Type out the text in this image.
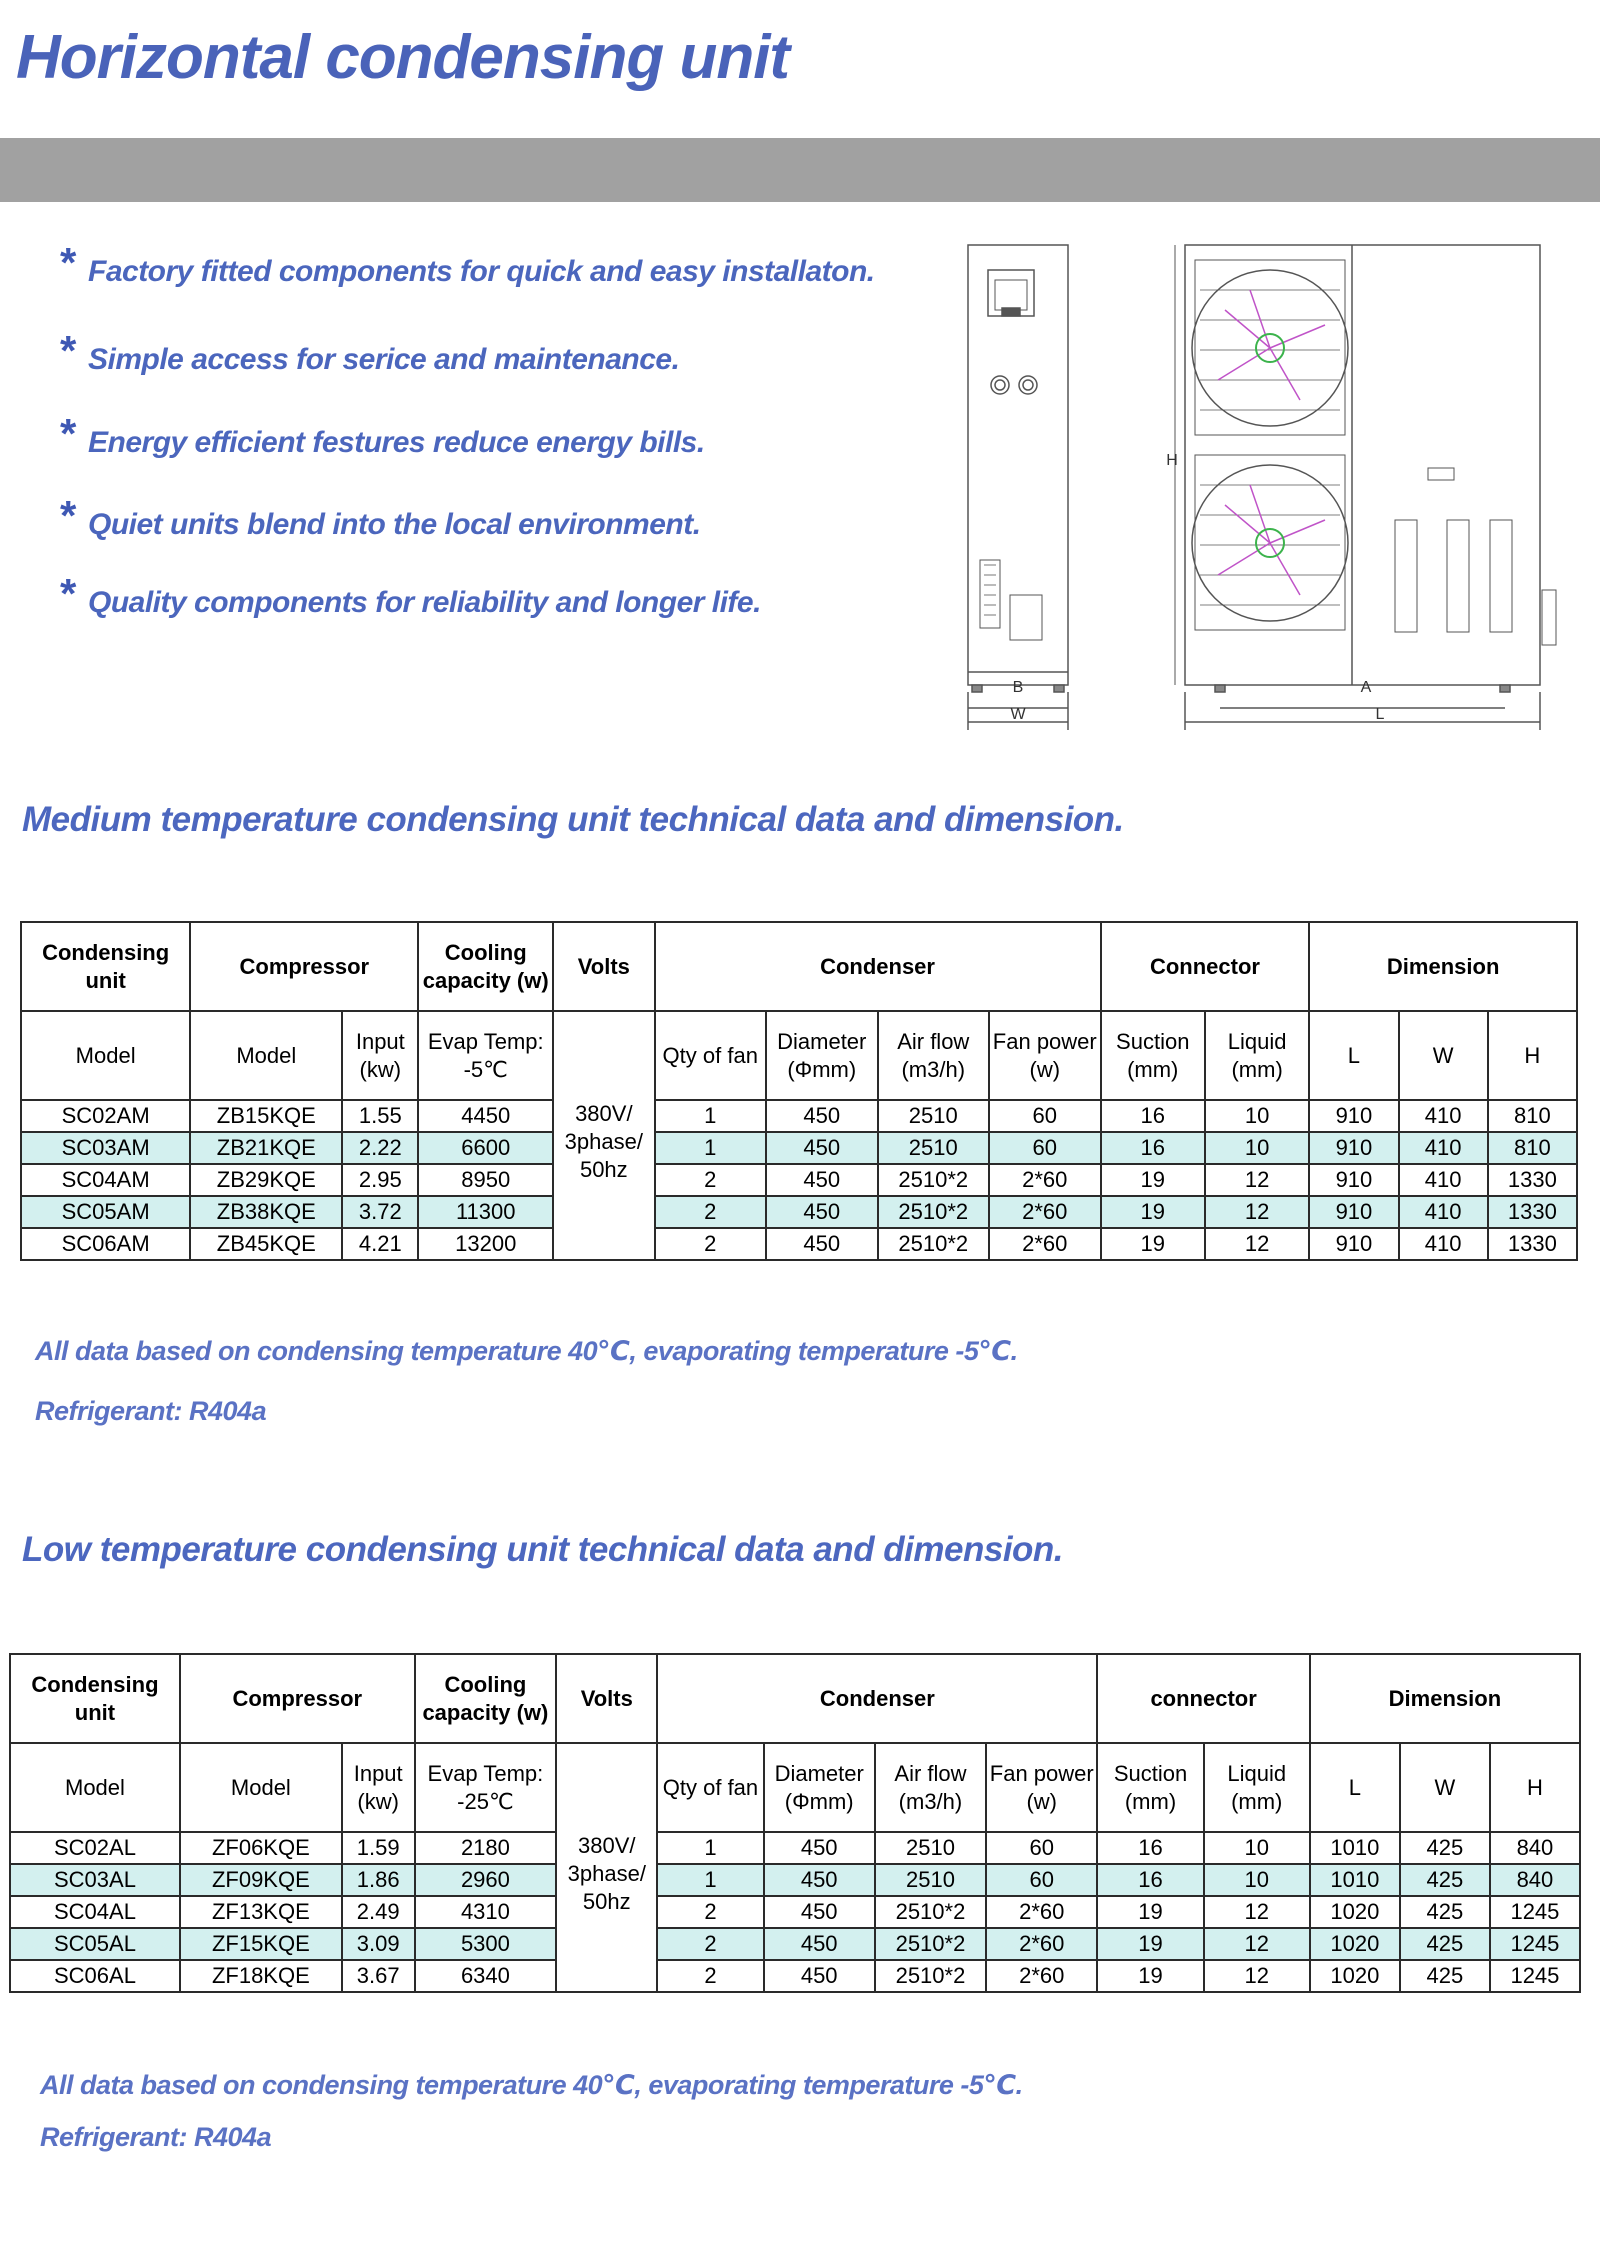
Horizontal condensing unit
* Factory fitted components for quick and easy installaton.
* Simple access for serice and maintenance.
* Energy efficient festures reduce energy bills.
* Quiet units blend into the local environment.
* Quality components for reliability and longer life.
B
W
A
L
H
Medium temperature condensing unit technical data and dimension.
Condensing unit	Compressor		Cooling capacity (w)	Volts	Condenser				Connector		Dimension		
Model	Model	Input (kw)	Evap Temp: -5℃		Qty of fan	Diameter (Φmm)	Air flow (m3/h)	Fan power (w)	Suction (mm)	Liquid (mm)	L	W	H
SC02AM	ZB15KQE	1.55	4450	380V/ 3phase/ 50hz	1	450	2510	60	16	10	910	410	810
SC03AM	ZB21KQE	2.22	6600		1	450	2510	60	16	10	910	410	810
SC04AM	ZB29KQE	2.95	8950		2	450	2510*2	2*60	19	12	910	410	1330
SC05AM	ZB38KQE	3.72	11300		2	450	2510*2	2*60	19	12	910	410	1330
SC06AM	ZB45KQE	4.21	13200		2	450	2510*2	2*60	19	12	910	410	1330
All data based on condensing temperature 40℃, evaporating temperature -5℃.
Refrigerant: R404a
Low temperature condensing unit technical data and dimension.
Condensing unit	Compressor		Cooling capacity (w)	Volts	Condenser				connector		Dimension		
Model	Model	Input (kw)	Evap Temp: -25℃		Qty of fan	Diameter (Φmm)	Air flow (m3/h)	Fan power (w)	Suction (mm)	Liquid (mm)	L	W	H
SC02AL	ZF06KQE	1.59	2180	380V/ 3phase/ 50hz	1	450	2510	60	16	10	1010	425	840
SC03AL	ZF09KQE	1.86	2960		1	450	2510	60	16	10	1010	425	840
SC04AL	ZF13KQE	2.49	4310		2	450	2510*2	2*60	19	12	1020	425	1245
SC05AL	ZF15KQE	3.09	5300		2	450	2510*2	2*60	19	12	1020	425	1245
SC06AL	ZF18KQE	3.67	6340		2	450	2510*2	2*60	19	12	1020	425	1245
All data based on condensing temperature 40℃, evaporating temperature -5℃.
Refrigerant: R404a
